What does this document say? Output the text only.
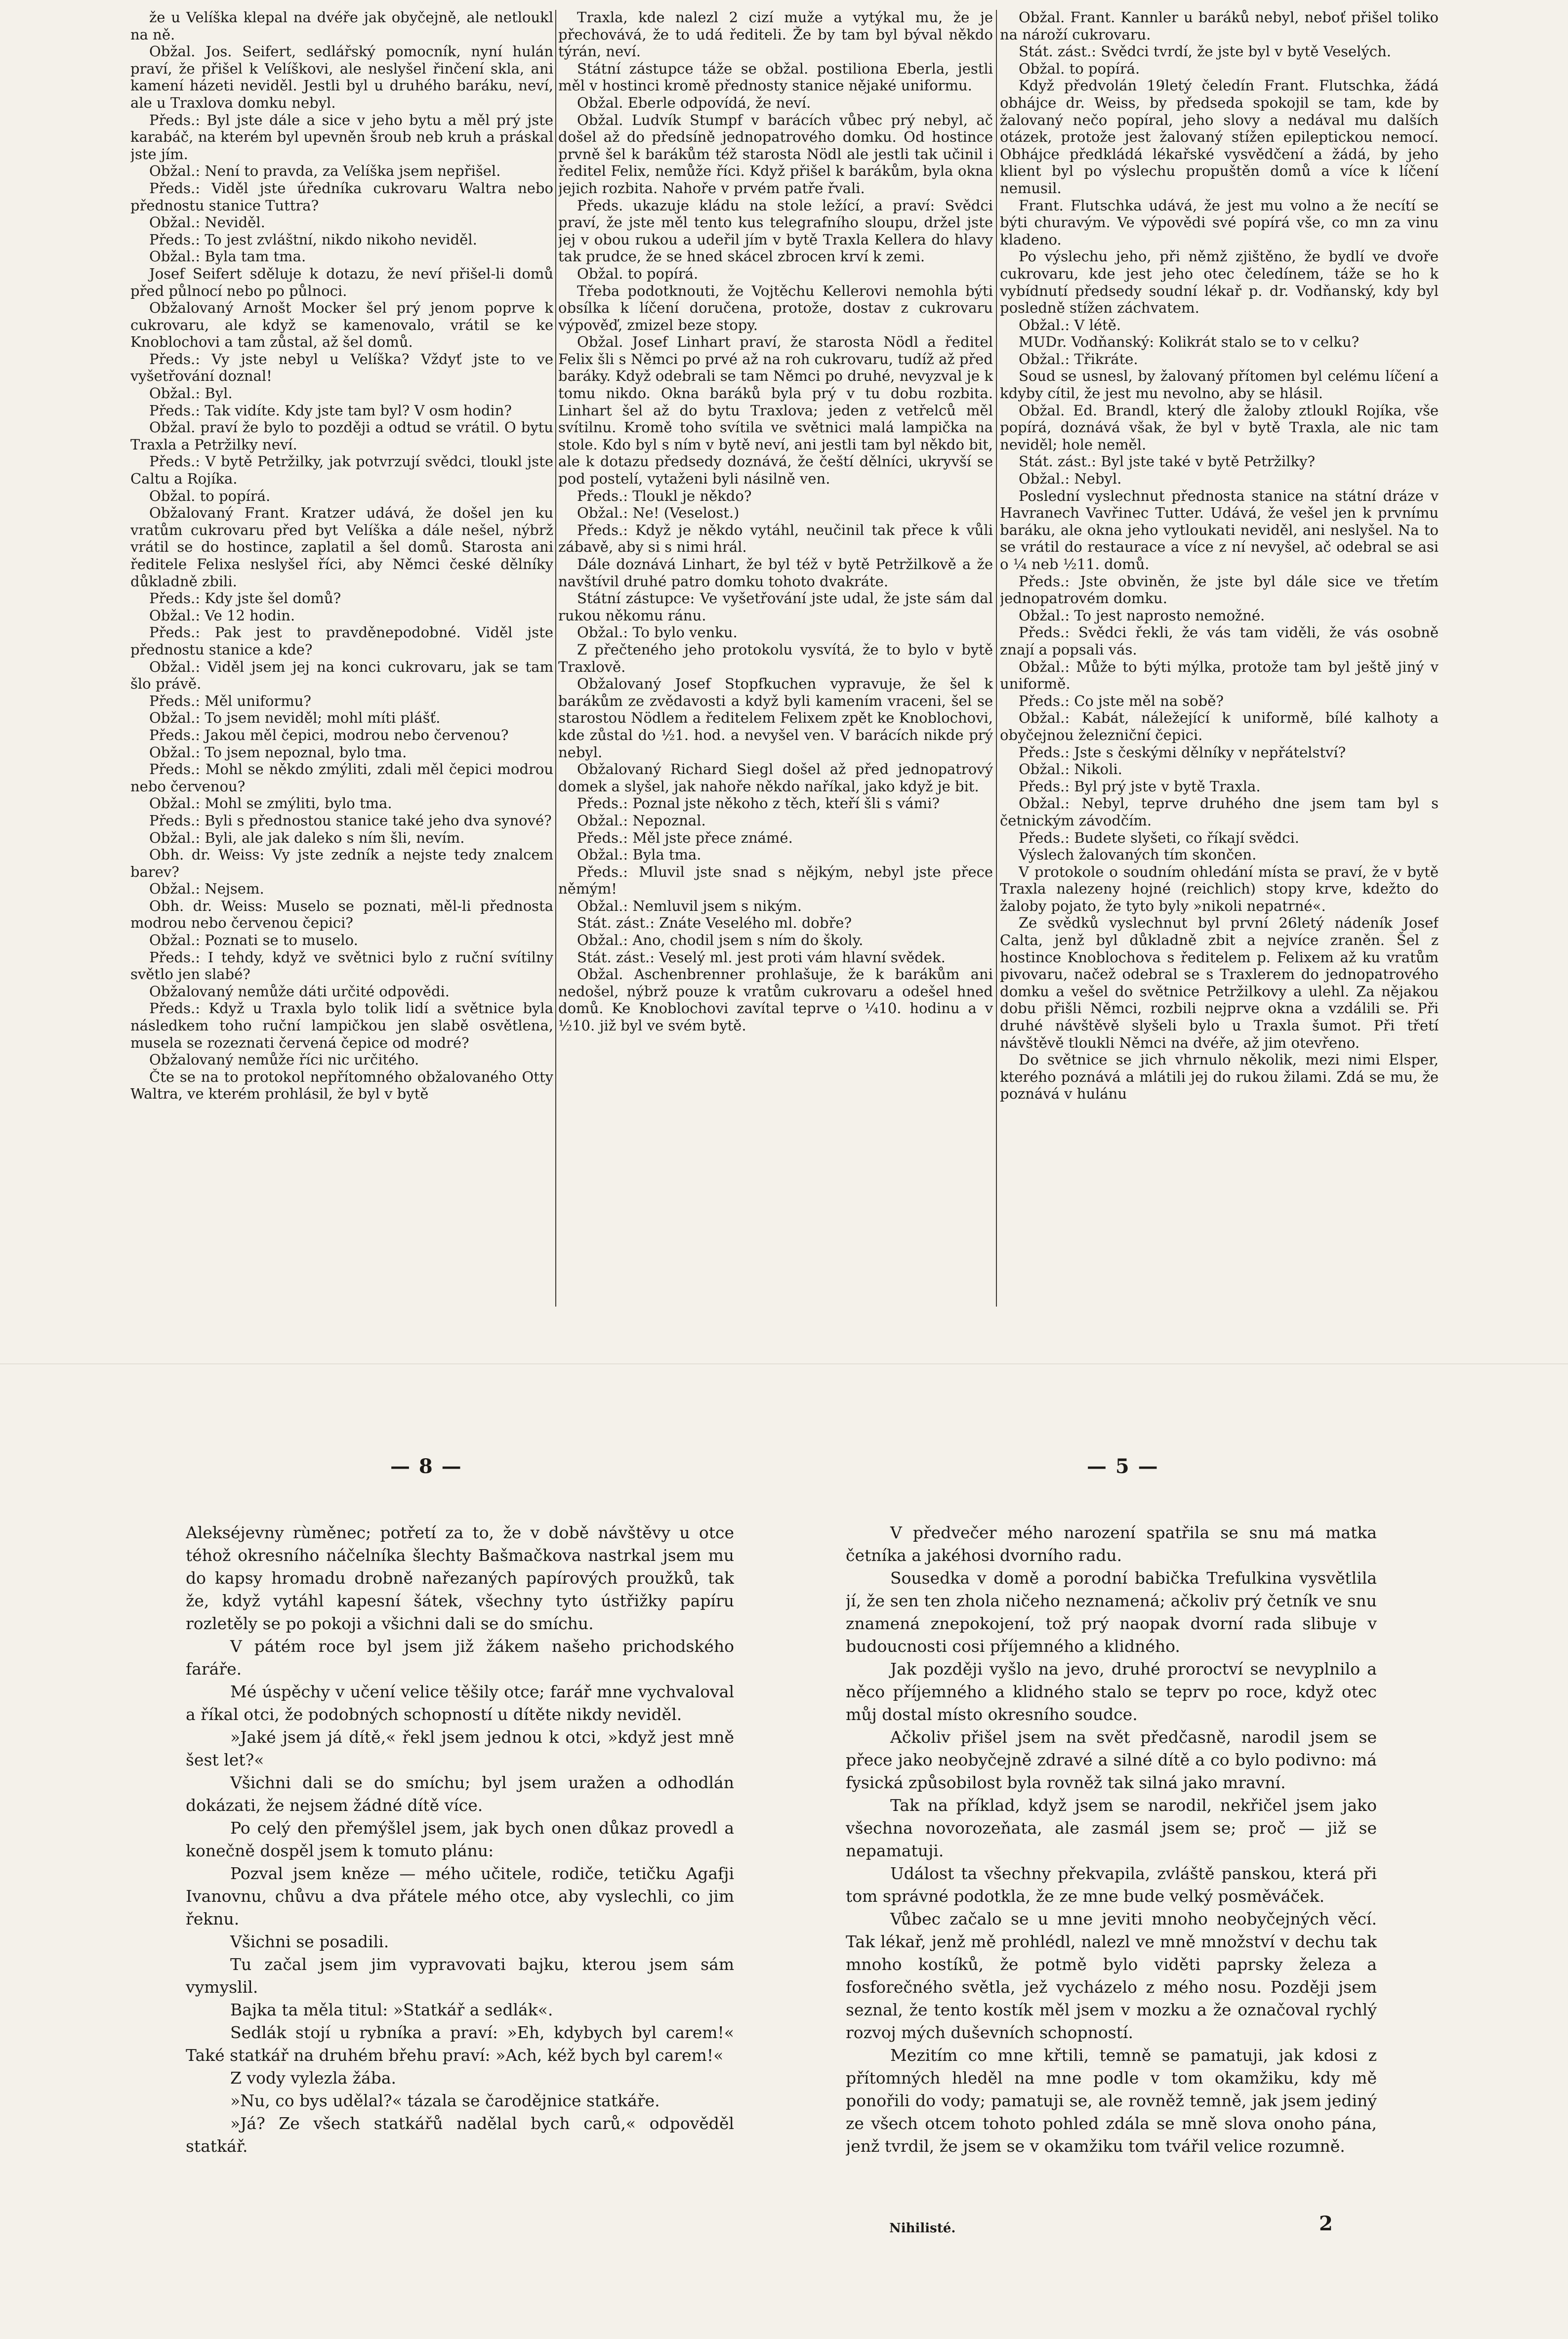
že u Velíška klepal na dvéře jak obyčejně, ale netloukl na ně.

Obžal. Jos. Seifert, sedlářský pomocník, nyní hulán praví, že přišel k Velíškovi, ale neslyšel řinčení skla, ani kamení házeti neviděl. Jestli byl u druhého baráku, neví, ale u Traxlova domku nebyl.

Předs.: Byl jste dále a sice v jeho bytu a měl prý jste karabáč, na kterém byl upevněn šroub neb kruh a práskal jste jím.

Obžal.: Není to pravda, za Velíška jsem nepřišel.

Předs.: Viděl jste úředníka cukrovaru Waltra nebo přednostu stanice Tuttra?

Obžal.: Neviděl.

Předs.: To jest zvláštní, nikdo nikoho neviděl.

Obžal.: Byla tam tma.

Josef Seifert sděluje k dotazu, že neví přišel-li domů před půlnocí nebo po půlnoci.

Obžalovaný Arnošt Mocker šel prý jenom poprve k cukrovaru, ale když se kamenovalo, vrátil se ke Knoblochovi a tam zůstal, až šel domů.

Předs.: Vy jste nebyl u Velíška? Vždyť jste to ve vyšetřování doznal!

Obžal.: Byl.

Předs.: Tak vidíte. Kdy jste tam byl? V osm hodin?

Obžal. praví že bylo to později a odtud se vrátil. O bytu Traxla a Petržilky neví.

Předs.: V bytě Petržilky, jak potvrzují svědci, tloukl jste Caltu a Rojíka.

Obžal. to popírá.

Obžalovaný Frant. Kratzer udává, že došel jen ku vratům cukrovaru před byt Velíška a dále nešel, nýbrž vrátil se do hostince, zaplatil a šel domů. Starosta ani ředitele Felixa neslyšel říci, aby Němci české dělníky důkladně zbili.

Předs.: Kdy jste šel domů?

Obžal.: Ve 12 hodin.

Předs.: Pak jest to pravděnepodobné. Viděl jste přednostu stanice a kde?

Obžal.: Viděl jsem jej na konci cukrovaru, jak se tam šlo právě.

Předs.: Měl uniformu?

Obžal.: To jsem neviděl; mohl míti plášť.

Předs.: Jakou měl čepici, modrou nebo červenou?

Obžal.: To jsem nepoznal, bylo tma.

Předs.: Mohl se někdo zmýliti, zdali měl čepici modrou nebo červenou?

Obžal.: Mohl se zmýliti, bylo tma.

Předs.: Byli s přednostou stanice také jeho dva synové?

Obžal.: Byli, ale jak daleko s ním šli, nevím.

Obh. dr. Weiss: Vy jste zedník a nejste tedy znalcem barev?

Obžal.: Nejsem.

Obh. dr. Weiss: Muselo se poznati, měl-li přednosta modrou nebo červenou čepici?

Obžal.: Poznati se to muselo.

Předs.: I tehdy, když ve světnici bylo z ruční svítilny světlo jen slabé?

Obžalovaný nemůže dáti určité odpovědi.

Předs.: Když u Traxla bylo tolik lidí a světnice byla následkem toho ruční lampičkou jen slabě osvětlena, musela se rozeznati červená čepice od modré?

Obžalovaný nemůže říci nic určitého.

Čte se na to protokol nepřítomného obžalovaného Otty Waltra, ve kterém prohlásil, že byl v bytě

Traxla, kde nalezl 2 cizí muže a vytýkal mu, že je přechovává, že to udá řediteli. Že by tam byl býval někdo týrán, neví.

Státní zástupce táže se obžal. postiliona Eberla, jestli měl v hostinci kromě přednosty stanice nějaké uniformu.

Obžal. Eberle odpovídá, že neví.

Obžal. Ludvík Stumpf v barácích vůbec prý nebyl, ač došel až do předsíně jednopatrového domku. Od hostince prvně šel k barákům též starosta Nödl ale jestli tak učinil i ředitel Felix, nemůže říci. Když přišel k barákům, byla okna jejich rozbita. Nahoře v prvém patře řvali.

Předs. ukazuje kládu na stole ležící, a praví: Svědci praví, že jste měl tento kus telegrafního sloupu, držel jste jej v obou rukou a udeřil jím v bytě Traxla Kellera do hlavy tak prudce, že se hned skácel zbrocen krví k zemi.

Obžal. to popírá.

Třeba podotknouti, že Vojtěchu Kellerovi nemohla býti obsílka k líčení doručena, protože, dostav z cukrovaru výpověď, zmizel beze stopy.

Obžal. Josef Linhart praví, že starosta Nödl a ředitel Felix šli s Němci po prvé až na roh cukrovaru, tudíž až před baráky. Když odebrali se tam Němci po druhé, nevyzval je k tomu nikdo. Okna baráků byla prý v tu dobu rozbita. Linhart šel až do bytu Traxlova; jeden z vetřelců měl svítilnu. Kromě toho svítila ve světnici malá lampička na stole. Kdo byl s ním v bytě neví, ani jestli tam byl někdo bit, ale k dotazu předsedy doznává, že čeští dělníci, ukryvší se pod postelí, vytaženi byli násilně ven.

Předs.: Tloukl je někdo?

Obžal.: Ne! (Veselost.)

Předs.: Když je někdo vytáhl, neučinil tak přece k vůli zábavě, aby si s nimi hrál.

Dále doznává Linhart, že byl též v bytě Petržilkově a že navštívil druhé patro domku tohoto dvakráte.

Státní zástupce: Ve vyšetřování jste udal, že jste sám dal rukou někomu ránu.

Obžal.: To bylo venku.

Z přečteného jeho protokolu vysvítá, že to bylo v bytě Traxlově.

Obžalovaný Josef Stopfkuchen vypravuje, že šel k barákům ze zvědavosti a když byli kamením vraceni, šel se starostou Nödlem a ředitelem Felixem zpět ke Knoblochovi, kde zůstal do ½1. hod. a nevyšel ven. V barácích nikde prý nebyl.

Obžalovaný Richard Siegl došel až před jednopatrový domek a slyšel, jak nahoře někdo naříkal, jako když je bit.

Předs.: Poznal jste někoho z těch, kteří šli s vámi?

Obžal.: Nepoznal.

Předs.: Měl jste přece známé.

Obžal.: Byla tma.

Předs.: Mluvil jste snad s nějkým, nebyl jste přece němým!

Obžal.: Nemluvil jsem s nikým.

Stát. zást.: Znáte Veselého ml. dobře?

Obžal.: Ano, chodil jsem s ním do školy.

Stát. zást.: Veselý ml. jest proti vám hlavní svědek.

Obžal. Aschenbrenner prohlašuje, že k barákům ani nedošel, nýbrž pouze k vratům cukrovaru a odešel hned domů. Ke Knoblochovi zavítal teprve o ¼10. hodinu a v ½10. již byl ve svém bytě.

Obžal. Frant. Kannler u baráků nebyl, neboť přišel toliko na nároží cukrovaru.

Stát. zást.: Svědci tvrdí, že jste byl v bytě Veselých.

Obžal. to popírá.

Když předvolán 19letý čeledín Frant. Flutschka, žádá obhájce dr. Weiss, by předseda spokojil se tam, kde by žalovaný nečo popíral, jeho slovy a nedával mu dalších otázek, protože jest žalovaný stížen epileptickou nemocí. Obhájce předkládá lékařské vysvědčení a žádá, by jeho klient byl po výslechu propuštěn domů a více k líčení nemusil.

Frant. Flutschka udává, že jest mu volno a že necítí se býti churavým. Ve výpovědi své popírá vše, co mn za vinu kladeno.

Po výslechu jeho, při němž zjištěno, že bydlí ve dvoře cukrovaru, kde jest jeho otec čeledínem, táže se ho k vybídnutí předsedy soudní lékař p. dr. Vodňanský, kdy byl posledně stížen záchvatem.

Obžal.: V létě.

MUDr. Vodňanský: Kolikrát stalo se to v celku?

Obžal.: Třikráte.

Soud se usnesl, by žalovaný přítomen byl celému líčení a kdyby cítil, že jest mu nevolno, aby se hlásil.

Obžal. Ed. Brandl, který dle žaloby ztloukl Rojíka, vše popírá, doznává však, že byl v bytě Traxla, ale nic tam neviděl; hole neměl.

Stát. zást.: Byl jste také v bytě Petržilky?

Obžal.: Nebyl.

Poslední vyslechnut přednosta stanice na státní dráze v Havranech Vavřinec Tutter. Udává, že vešel jen k prvnímu baráku, ale okna jeho vytloukati neviděl, ani neslyšel. Na to se vrátil do restaurace a více z ní nevyšel, ač odebral se asi o ¼ neb ½11. domů.

Předs.: Jste obviněn, že jste byl dále sice ve třetím jednopatrovém domku.

Obžal.: To jest naprosto nemožné.

Předs.: Svědci řekli, že vás tam viděli, že vás osobně znají a popsali vás.

Obžal.: Může to býti mýlka, protože tam byl ještě jiný v uniformě.

Předs.: Co jste měl na sobě?

Obžal.: Kabát, náležející k uniformě, bílé kalhoty a obyčejnou železniční čepici.

Předs.: Jste s českými dělníky v nepřátelství?

Obžal.: Nikoli.

Předs.: Byl prý jste v bytě Traxla.

Obžal.: Nebyl, teprve druhého dne jsem tam byl s četnickým závodčím.

Předs.: Budete slyšeti, co říkají svědci.

Výslech žalovaných tím skončen.

V protokole o soudním ohledání místa se praví, že v bytě Traxla nalezeny hojné (reichlich) stopy krve, kdežto do žaloby pojato, že tyto byly »nikoli nepatrné«.

Ze svědků vyslechnut byl první 26letý nádeník Josef Calta, jenž byl důkladně zbit a nejvíce zraněn. Šel z hostince Knoblochova s ředitelem p. Felixem až ku vratům pivovaru, načež odebral se s Traxlerem do jednopatrového domku a vešel do světnice Petržilkovy a ulehl. Za nějakou dobu přišli Němci, rozbili nejprve okna a vzdálili se. Při druhé návštěvě slyšeli bylo u Traxla šumot. Při třetí návštěvě tloukli Němci na dvéře, až jim otevřeno.

Do světnice se jich vhrnulo několik, mezi nimi Elsper, kterého poznává a mlátili jej do rukou žilami. Zdá se mu, že poznává v hulánu

— 8 —	— 5 —

Alekséjevny rùměnec; potřetí za to, že v době návštěvy u otce téhož okresního náčelníka šlechty Bašmačkova nastrkal jsem mu do kapsy hromadu drobně nařezaných papírových proužků, tak že, když vytáhl kapesní šátek, všechny tyto ústřižky papíru rozletěly se po pokoji a všichni dali se do smíchu.

V pátém roce byl jsem již žákem našeho prichodského faráře.

Mé úspěchy v učení velice těšily otce; farář mne vychvaloval a říkal otci, že podobných schopností u dítěte nikdy neviděl.

»Jaké jsem já dítě,« řekl jsem jednou k otci, »když jest mně šest let?«

Všichni dali se do smíchu; byl jsem uražen a odhodlán dokázati, že nejsem žádné dítě více.

Po celý den přemýšlel jsem, jak bych onen důkaz provedl a konečně dospěl jsem k tomuto plánu:

Pozval jsem kněze — mého učitele, rodiče, tetičku Agafji Ivanovnu, chůvu a dva přátele mého otce, aby vyslechli, co jim řeknu.

Všichni se posadili.

Tu začal jsem jim vypravovati bajku, kterou jsem sám vymyslil.

Bajka ta měla titul: »Statkář a sedlák«.

Sedlák stojí u rybníka a praví: »Eh, kdybych byl carem!« Také statkář na druhém břehu praví: »Ach, kéž bych byl carem!«

Z vody vylezla žába.

»Nu, co bys udělal?« tázala se čarodějnice statkáře.

»Já? Ze všech statkářů nadělal bych carů,« odpověděl statkář.

V předvečer mého narození spatřila se snu má matka četníka a jakéhosi dvorního radu.

Sousedka v domě a porodní babička Trefulkina vysvětlila jí, že sen ten zhola ničeho neznamená; ačkoliv prý četník ve snu znamená znepokojení, tož prý naopak dvorní rada slibuje v budoucnosti cosi příjemného a klidného.

Jak později vyšlo na jevo, druhé proroctví se nevyplnilo a něco příjemného a klidného stalo se teprv po roce, když otec můj dostal místo okresního soudce.

Ačkoliv přišel jsem na svět předčasně, narodil jsem se přece jako neobyčejně zdravé a silné dítě a co bylo podivno: má fysická způsobilost byla rovněž tak silná jako mravní.

Tak na příklad, když jsem se narodil, nekřičel jsem jako všechna novorozeňata, ale zasmál jsem se; proč — již se nepamatuji.

Událost ta všechny překvapila, zvláště panskou, která při tom správné podotkla, že ze mne bude velký posměváček.

Vůbec začalo se u mne jeviti mnoho neobyčejných věcí. Tak lékař, jenž mě prohlédl, nalezl ve mně množství v dechu tak mnoho kostíků, že potmě bylo viděti paprsky železa a fosforečného světla, jež vycházelo z mého nosu. Později jsem seznal, že tento kostík měl jsem v mozku a že označoval rychlý rozvoj mých duševních schopností.

Mezitím co mne křtili, temně se pamatuji, jak kdosi z přítomných hleděl na mne podle v tom okamžiku, kdy mě ponořili do vody; pamatuji se, ale rovněž temně, jak jsem jediný ze všech otcem tohoto pohled zdála se mně slova onoho pána, jenž tvrdil, že jsem se v okamžiku tom tvářil velice rozumně.

Nihilisté.	2
